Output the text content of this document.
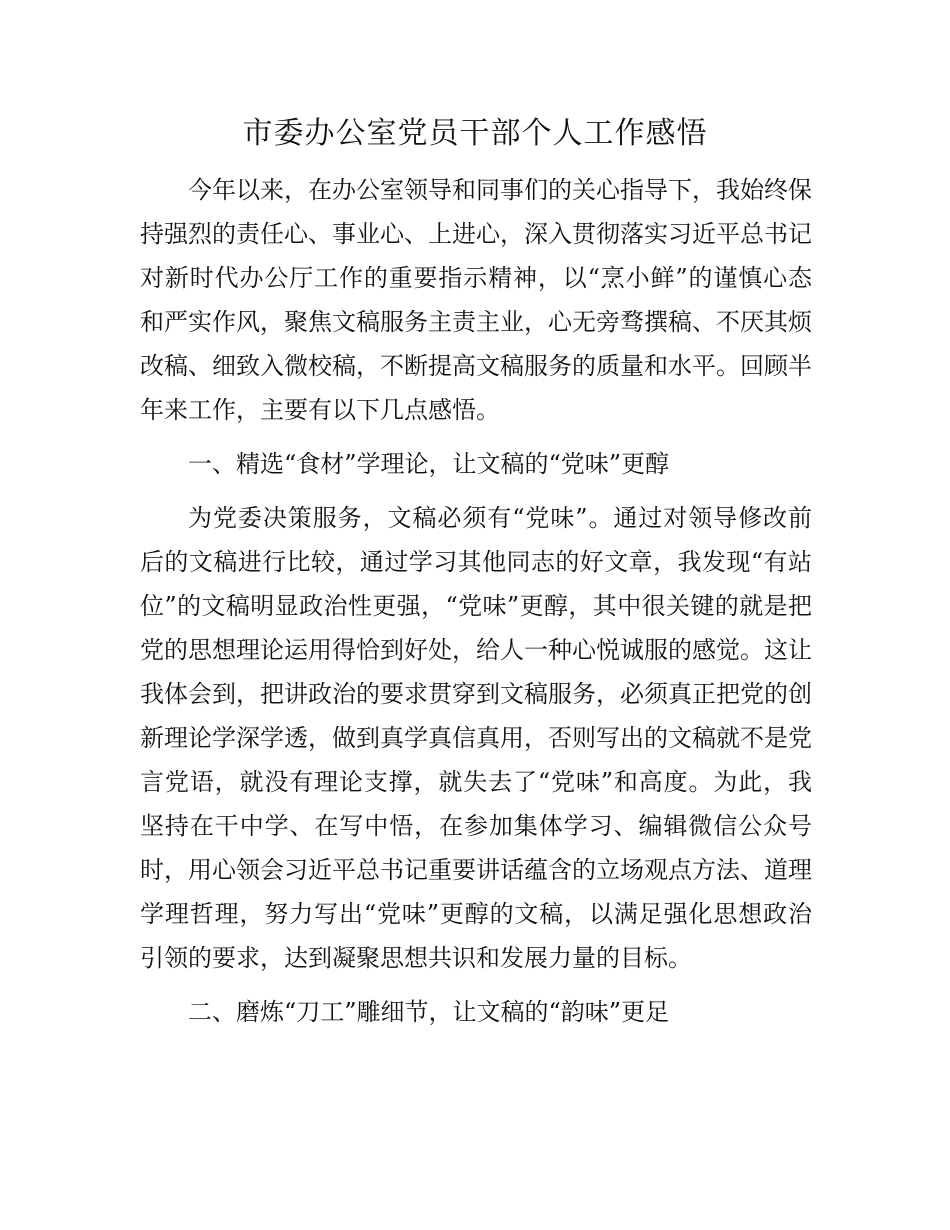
市委办公室党员干部个人工作感悟

今年以来，在办公室领导和同事们的关心指导下，我始终保持强烈的责任心、事业心、上进心，深入贯彻落实习近平总书记对新时代办公厅工作的重要指示精神，以“烹小鲜”的谨慎心态和严实作风，聚焦文稿服务主责主业，心无旁骛撰稿、不厌其烦改稿、细致入微校稿，不断提高文稿服务的质量和水平。回顾半年来工作，主要有以下几点感悟。

一、精选“食材”学理论，让文稿的“党味”更醇

为党委决策服务，文稿必须有“党味”。通过对领导修改前后的文稿进行比较，通过学习其他同志的好文章，我发现“有站位”的文稿明显政治性更强，“党味”更醇，其中很关键的就是把党的思想理论运用得恰到好处，给人一种心悦诚服的感觉。这让我体会到，把讲政治的要求贯穿到文稿服务，必须真正把党的创新理论学深学透，做到真学真信真用，否则写出的文稿就不是党言党语，就没有理论支撑，就失去了“党味”和高度。为此，我坚持在干中学、在写中悟，在参加集体学习、编辑微信公众号时，用心领会习近平总书记重要讲话蕴含的立场观点方法、道理学理哲理，努力写出“党味”更醇的文稿，以满足强化思想政治引领的要求，达到凝聚思想共识和发展力量的目标。

二、磨炼“刀工”雕细节，让文稿的“韵味”更足
